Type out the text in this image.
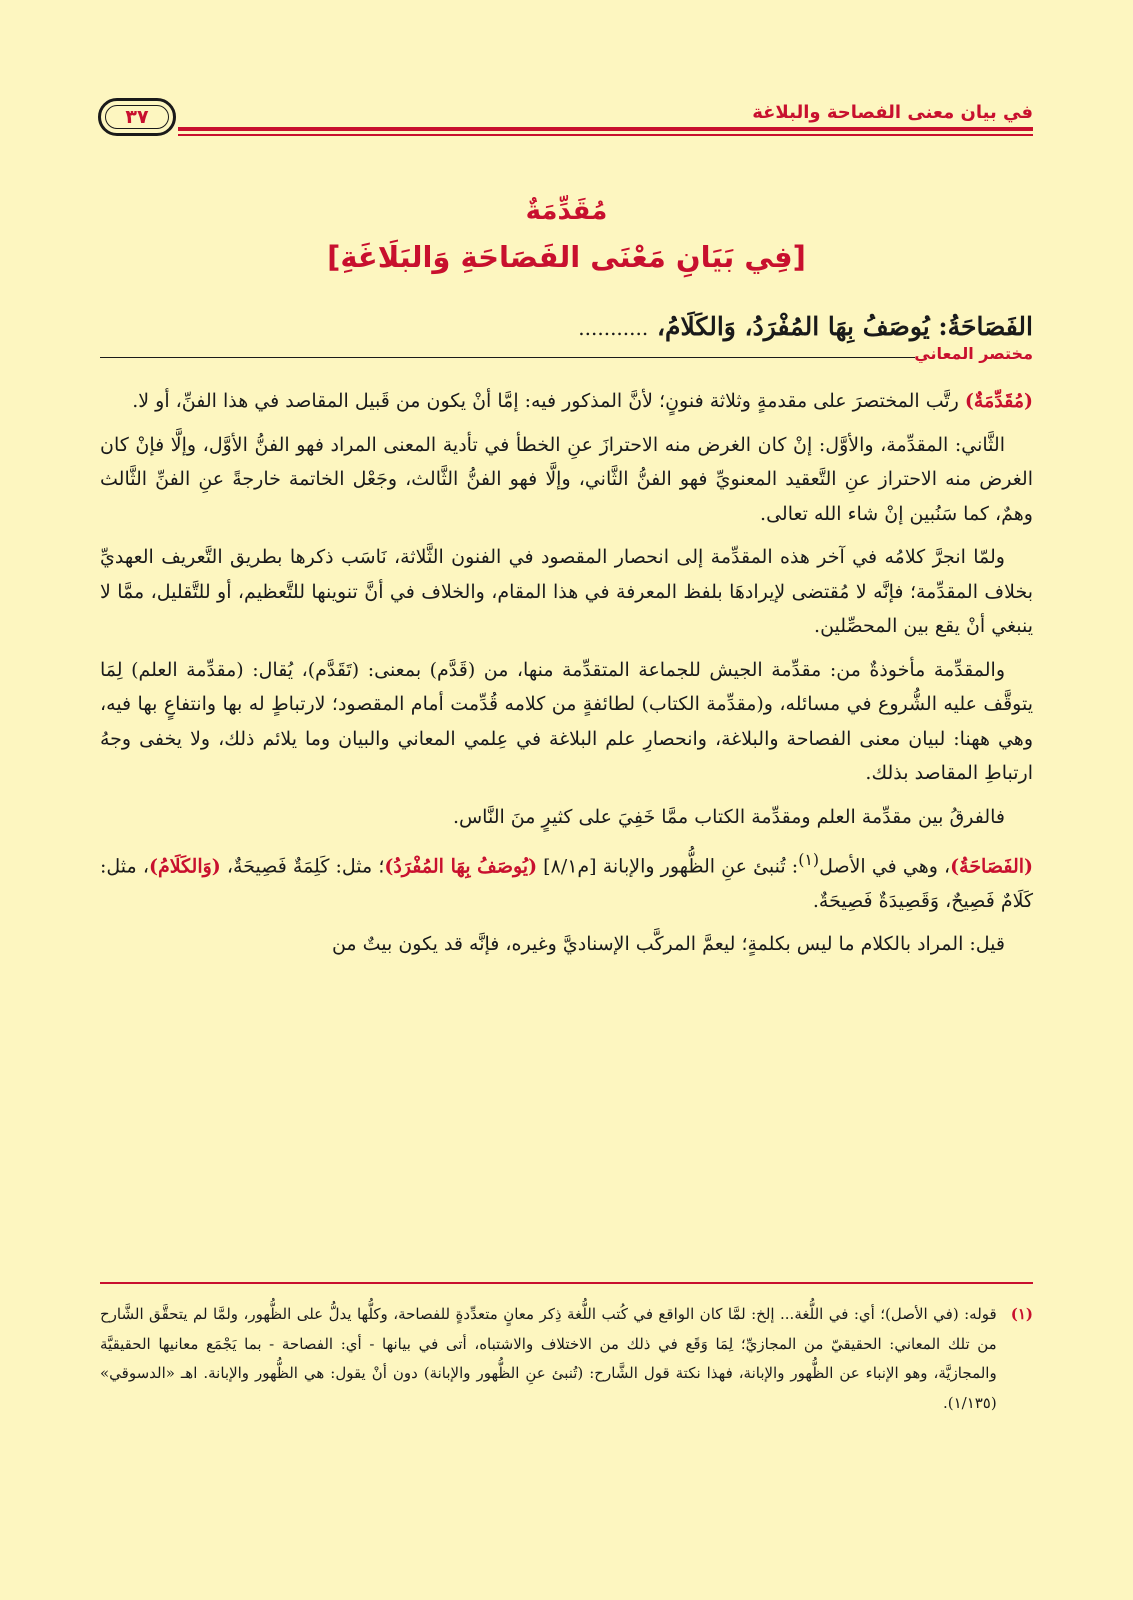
في بيان معنى الفصاحة والبلاغة
٣٧
مُقَدِّمَةٌ
[فِي بَيَانِ مَعْنَى الفَصَاحَةِ وَالبَلَاغَةِ]
الفَصَاحَةُ: يُوصَفُ بِهَا المُفْرَدُ، وَالكَلَامُ، ...........
مختصر المعاني

(مُقَدِّمَةٌ) رتَّب المختصرَ على مقدمةٍ وثلاثة فنونٍ؛ لأنَّ المذكور فيه: إمَّا أنْ يكون من قَبيل المقاصد في هذا الفنِّ، أو لا.

الثَّاني: المقدِّمة، والأوَّل: إنْ كان الغرض منه الاحترازَ عنِ الخطأ في تأدية المعنى المراد فهو الفنُّ الأوَّل، وإلَّا فإنْ كان الغرض منه الاحتراز عنِ التَّعقيد المعنويِّ فهو الفنُّ الثَّاني، وإلَّا فهو الفنُّ الثَّالث، وجَعْل الخاتمة خارجةً عنِ الفنِّ الثَّالث وهمٌ، كما سَنُبين إنْ شاء الله تعالى.

ولمّا انجرَّ كلامُه في آخر هذه المقدِّمة إلى انحصار المقصود في الفنون الثَّلاثة، نَاسَب ذكرها بطريق التَّعريف العهديِّ بخلاف المقدِّمة؛ فإنَّه لا مُقتضى لإيرادهَا بلفظ المعرفة في هذا المقام، والخلاف في أنَّ تنوينها للتَّعظيم، أو للتَّقليل، ممَّا لا ينبغي أنْ يقع بين المحصِّلين.

والمقدِّمة مأخوذةٌ من: مقدِّمة الجيش للجماعة المتقدِّمة منها، من (قَدَّم) بمعنى: (تَقَدَّم)، يُقال: (مقدِّمة العلم) لِمَا يتوقَّف عليه الشُّروع في مسائله، و(مقدِّمة الكتاب) لطائفةٍ من كلامه قُدِّمت أمام المقصود؛ لارتباطٍ له بها وانتفاعٍ بها فيه، وهي ههنا: لبيان معنى الفصاحة والبلاغة، وانحصارِ علم البلاغة في عِلمي المعاني والبيان وما يلائم ذلك، ولا يخفى وجهُ ارتباطِ المقاصد بذلك.

فالفرقُ بين مقدِّمة العلم ومقدِّمة الكتاب ممَّا خَفِيَ على كثيرٍ منَ النَّاس.

(الفَصَاحَةُ)، وهي في الأصل$^{(١)}$: تُنبئ عنِ الظُّهور والإبانة [م٨/١] (يُوصَفُ بِهَا المُفْرَدُ)؛ مثل: كَلِمَةٌ فَصِيحَةٌ، (وَالكَلَامُ)، مثل: كَلَامٌ فَصِيحٌ، وَقَصِيدَةٌ فَصِيحَةٌ.

قيل: المراد بالكلام ما ليس بكلمةٍ؛ ليعمَّ المركَّب الإسناديَّ وغيره، فإنَّه قد يكون بيتٌ من

(١)
قوله: (في الأصل)؛ أي: في اللُّغة... إلخ: لمَّا كان الواقع في كُتب اللُّغة ذِكر معانٍ متعدِّدةٍ للفصاحة، وكلُّها يدلُّ على الظُّهور، ولمَّا لم يتحقَّق الشَّارح من تلك المعاني: الحقيقيّ من المجازيِّ؛ لِمَا وَقَع في ذلك من الاختلاف والاشتباه، أتى في بيانها - أي: الفصاحة - بما يَجْمَع معانيها الحقيقيَّة والمجازيَّة، وهو الإنباء عن الظُّهور والإبانة، فهذا نكتة قول الشَّارح: (تُنبئ عنِ الظُّهور والإبانة) دون أنْ يقول: هي الظُّهور والإبانة. اهـ «الدسوقي» (١/١٣٥).
